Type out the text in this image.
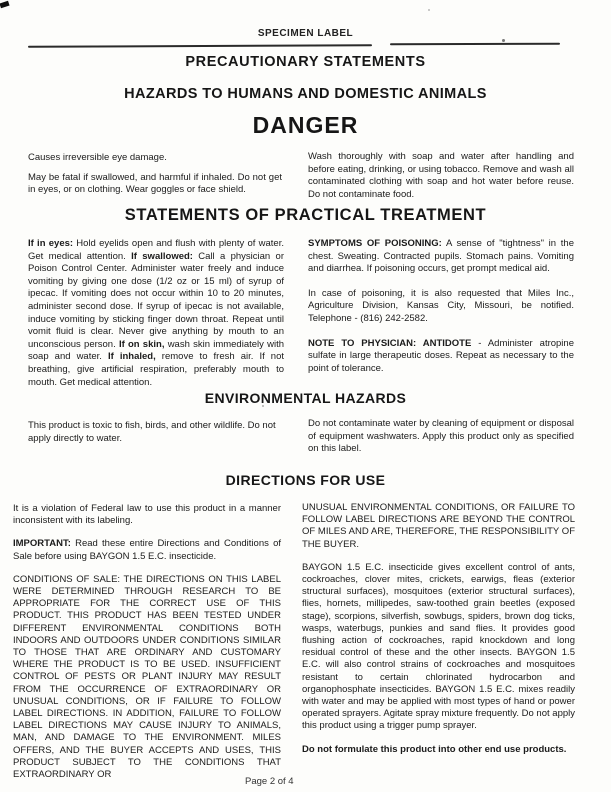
SPECIMEN LABEL
PRECAUTIONARY STATEMENTS
HAZARDS TO HUMANS AND DOMESTIC ANIMALS
DANGER

Causes irreversible eye damage.

May be fatal if swallowed, and harmful if inhaled. Do not get in eyes, or on clothing. Wear goggles or face shield.

Wash thoroughly with soap and water after handling and before eating, drinking, or using tobacco. Remove and wash all contaminated clothing with soap and hot water before reuse. Do not contaminate food.

STATEMENTS OF PRACTICAL TREATMENT

If in eyes: Hold eyelids open and flush with plenty of water. Get medical attention. If swallowed: Call a physician or Poison Control Center. Administer water freely and induce vomiting by giving one dose (1/2 oz or 15 ml) of syrup of ipecac. If vomiting does not occur within 10 to 20 minutes, administer second dose. If syrup of ipecac is not available, induce vomiting by sticking finger down throat. Repeat until vomit fluid is clear. Never give anything by mouth to an unconscious person. If on skin, wash skin immediately with soap and water. If inhaled, remove to fresh air. If not breathing, give artificial respiration, preferably mouth to mouth. Get medical attention.

SYMPTOMS OF POISONING: A sense of "tightness" in the chest. Sweating. Contracted pupils. Stomach pains. Vomiting and diarrhea. If poisoning occurs, get prompt medical aid.

In case of poisoning, it is also requested that Miles Inc., Agriculture Division, Kansas City, Missouri, be notified. Telephone - (816) 242-2582.

NOTE TO PHYSICIAN: ANTIDOTE - Administer atropine sulfate in large therapeutic doses. Repeat as necessary to the point of tolerance.

ENVIRONMENTAL HAZARDS

This product is toxic to fish, birds, and other wildlife. Do not apply directly to water.

Do not contaminate water by cleaning of equipment or disposal of equipment washwaters. Apply this product only as specified on this label.

DIRECTIONS FOR USE

It is a violation of Federal law to use this product in a manner inconsistent with its labeling.

IMPORTANT: Read these entire Directions and Conditions of Sale before using BAYGON 1.5 E.C. insecticide.

CONDITIONS OF SALE: THE DIRECTIONS ON THIS LABEL WERE DETERMINED THROUGH RESEARCH TO BE APPROPRIATE FOR THE CORRECT USE OF THIS PRODUCT. THIS PRODUCT HAS BEEN TESTED UNDER DIFFERENT ENVIRONMENTAL CONDITIONS BOTH INDOORS AND OUTDOORS UNDER CONDITIONS SIMILAR TO THOSE THAT ARE ORDINARY AND CUSTOMARY WHERE THE PRODUCT IS TO BE USED. INSUFFICIENT CONTROL OF PESTS OR PLANT INJURY MAY RESULT FROM THE OCCURRENCE OF EXTRAORDINARY OR UNUSUAL CONDITIONS, OR IF FAILURE TO FOLLOW LABEL DIRECTIONS. IN ADDITION, FAILURE TO FOLLOW LABEL DIRECTIONS MAY CAUSE INJURY TO ANIMALS, MAN, AND DAMAGE TO THE ENVIRONMENT. MILES OFFERS, AND THE BUYER ACCEPTS AND USES, THIS PRODUCT SUBJECT TO THE CONDITIONS THAT EXTRAORDINARY OR

UNUSUAL ENVIRONMENTAL CONDITIONS, OR FAILURE TO FOLLOW LABEL DIRECTIONS ARE BEYOND THE CONTROL OF MILES AND ARE, THEREFORE, THE RESPONSIBILITY OF THE BUYER.

BAYGON 1.5 E.C. insecticide gives excellent control of ants, cockroaches, clover mites, crickets, earwigs, fleas (exterior structural surfaces), mosquitoes (exterior structural surfaces), flies, hornets, millipedes, saw-toothed grain beetles (exposed stage), scorpions, silverfish, sowbugs, spiders, brown dog ticks, wasps, waterbugs, punkies and sand flies. It provides good flushing action of cockroaches, rapid knockdown and long residual control of these and the other insects. BAYGON 1.5 E.C. will also control strains of cockroaches and mosquitoes resistant to certain chlorinated hydrocarbon and organophosphate insecticides. BAYGON 1.5 E.C. mixes readily with water and may be applied with most types of hand or power operated sprayers. Agitate spray mixture frequently. Do not apply this product using a trigger pump sprayer.

Do not formulate this product into other end use products.

Page 2 of 4
